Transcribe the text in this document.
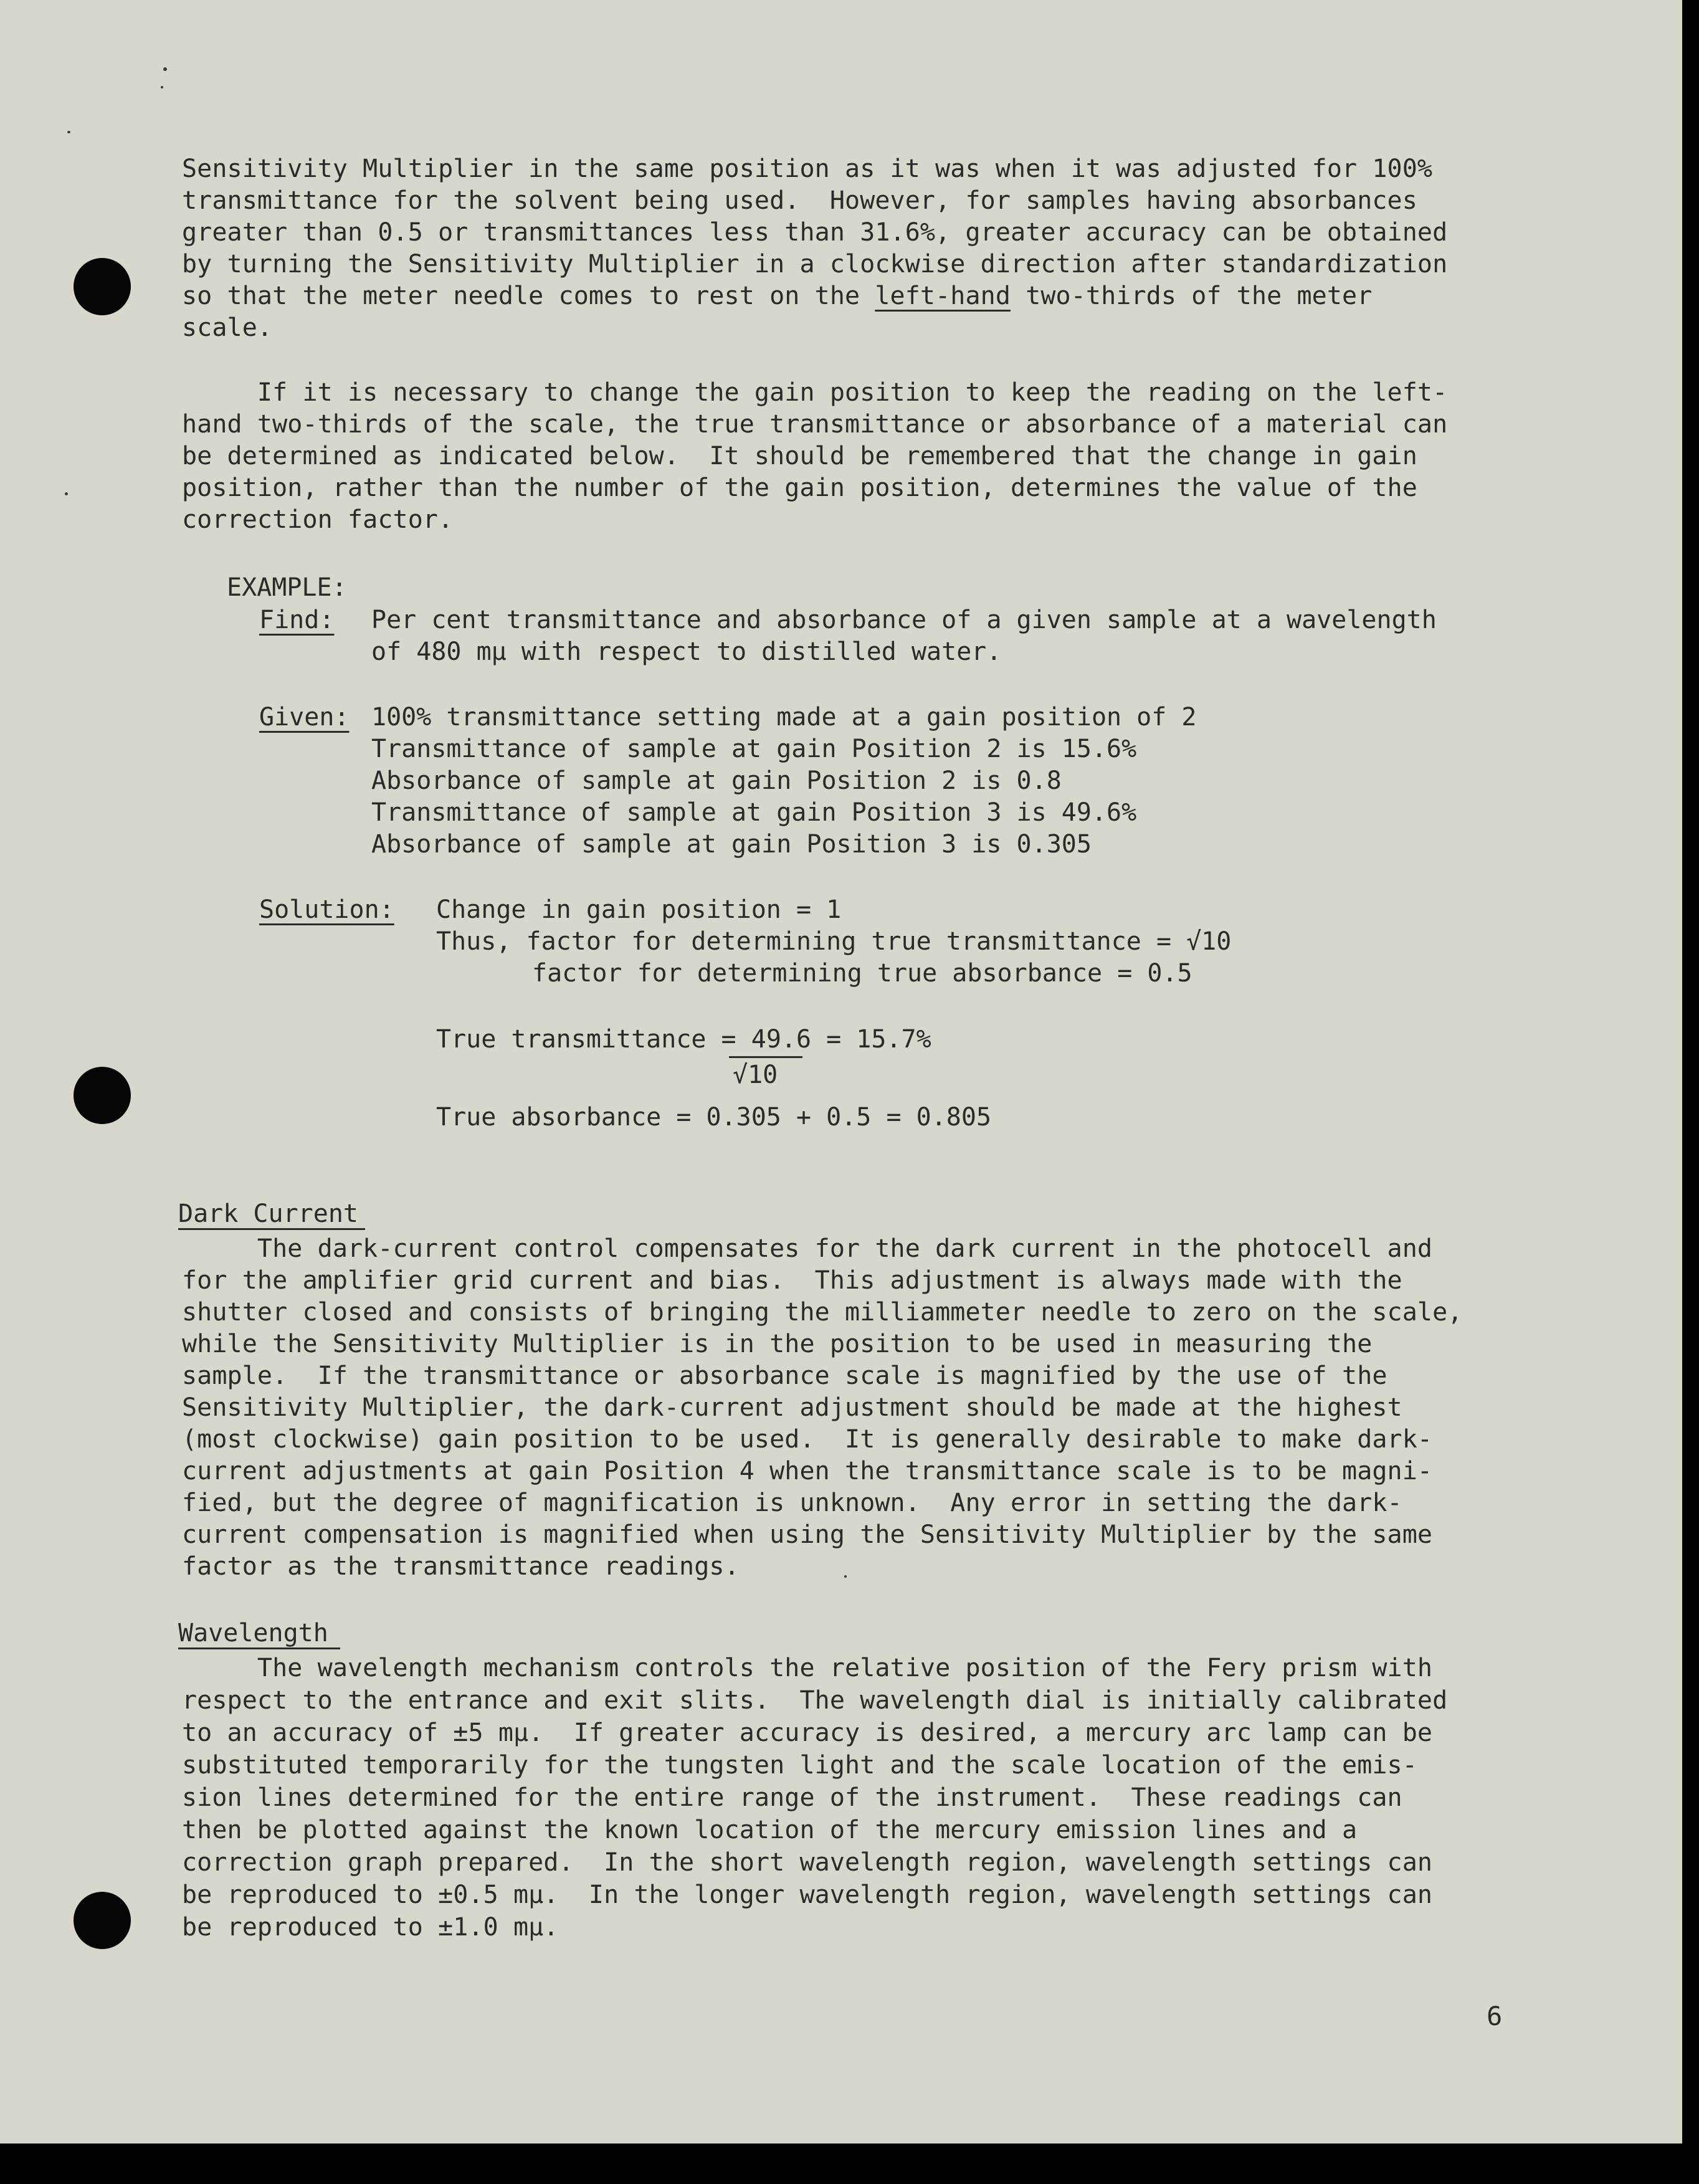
Sensitivity Multiplier in the same position as it was when it was adjusted for 100%

transmittance for the solvent being used.  However, for samples having absorbances

greater than 0.5 or transmittances less than 31.6%, greater accuracy can be obtained

by turning the Sensitivity Multiplier in a clockwise direction after standardization

so that the meter needle comes to rest on the left-hand two-thirds of the meter

scale.

If it is necessary to change the gain position to keep the reading on the left-

hand two-thirds of the scale, the true transmittance or absorbance of a material can

be determined as indicated below.  It should be remembered that the change in gain

position, rather than the number of the gain position, determines the value of the

correction factor.

EXAMPLE:

Find: Per cent transmittance and absorbance of a given sample at a wavelength

of 480 mμ with respect to distilled water.

Given: 100% transmittance setting made at a gain position of 2

Transmittance of sample at gain Position 2 is 15.6%

Absorbance of sample at gain Position 2 is 0.8

Transmittance of sample at gain Position 3 is 49.6%

Absorbance of sample at gain Position 3 is 0.305

Solution: Change in gain position = 1

Thus, factor for determining true transmittance = √10

factor for determining true absorbance = 0.5

True transmittance = 49.6 = 15.7%

√10

True absorbance = 0.305 + 0.5 = 0.805

Dark Current

The dark-current control compensates for the dark current in the photocell and

for the amplifier grid current and bias.  This adjustment is always made with the

shutter closed and consists of bringing the milliammeter needle to zero on the scale,

while the Sensitivity Multiplier is in the position to be used in measuring the

sample.  If the transmittance or absorbance scale is magnified by the use of the

Sensitivity Multiplier, the dark-current adjustment should be made at the highest

(most clockwise) gain position to be used.  It is generally desirable to make dark-

current adjustments at gain Position 4 when the transmittance scale is to be magni-

fied, but the degree of magnification is unknown.  Any error in setting the dark-

current compensation is magnified when using the Sensitivity Multiplier by the same

factor as the transmittance readings.

Wavelength

The wavelength mechanism controls the relative position of the Fery prism with

respect to the entrance and exit slits.  The wavelength dial is initially calibrated

to an accuracy of ±5 mμ.  If greater accuracy is desired, a mercury arc lamp can be

substituted temporarily for the tungsten light and the scale location of the emis-

sion lines determined for the entire range of the instrument.  These readings can

then be plotted against the known location of the mercury emission lines and a

correction graph prepared.  In the short wavelength region, wavelength settings can

be reproduced to ±0.5 mμ.  In the longer wavelength region, wavelength settings can

be reproduced to ±1.0 mμ.

6
